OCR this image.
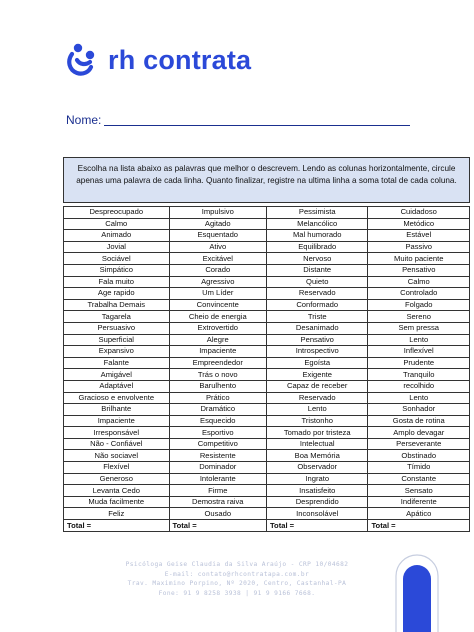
rh contrata
Nome:
Escolha na lista abaixo as palavras que melhor o descrevem. Lendo as colunas horizontalmente, circule apenas uma palavra de cada linha. Quanto finalizar, registre na ultima linha a soma total de cada coluna.
Despreocupado	Impulsivo	Pessimista	Cuidadoso
Calmo	Agitado	Melancólico	Metódico
Animado	Esquentado	Mal humorado	Estável
Jovial	Ativo	Equilibrado	Passivo
Sociável	Excitável	Nervoso	Muito paciente
Simpático	Corado	Distante	Pensativo
Fala muito	Agressivo	Quieto	Calmo
Age rapido	Um Líder	Reservado	Controlado
Trabalha Demais	Convincente	Conformado	Folgado
Tagarela	Cheio de energia	Triste	Sereno
Persuasivo	Extrovertido	Desanimado	Sem pressa
Superficial	Alegre	Pensativo	Lento
Expansivo	Impaciente	Introspectivo	Inflexível
Falante	Empreendedor	Egoísta	Prudente
Amigável	Trás o novo	Exigente	Tranquilo
Adaptável	Barulhento	Capaz de receber	recolhido
Gracioso e envolvente	Prático	Reservado	Lento
Brilhante	Dramático	Lento	Sonhador
Impaciente	Esquecido	Tristonho	Gosta de rotina
Irresponsável	Esportivo	Tomado por tristeza	Amplo devagar
Não - Confiável	Competitivo	Intelectual	Perseverante
Não sociavel	Resistente	Boa Memória	Obstinado
Flexível	Dominador	Observador	Tímido
Generoso	Intolerante	Ingrato	Constante
Levanta Cedo	Firme	Insatisfeito	Sensato
Muda facilmente	Demostra raiva	Desprendido	Indiferente
Feliz	Ousado	Inconsolável	Apático
Total =	Total =	Total =	Total =
Psicóloga Geise Claudia da Silva Araújo - CRP 10/04682
E-mail: contato@rhcontratapa.com.br
Trav. Maximino Porpino, Nº 2020, Centro, Castanhal-PA
Fone: 91 9 8258 3938 | 91 9 9166 7668.
